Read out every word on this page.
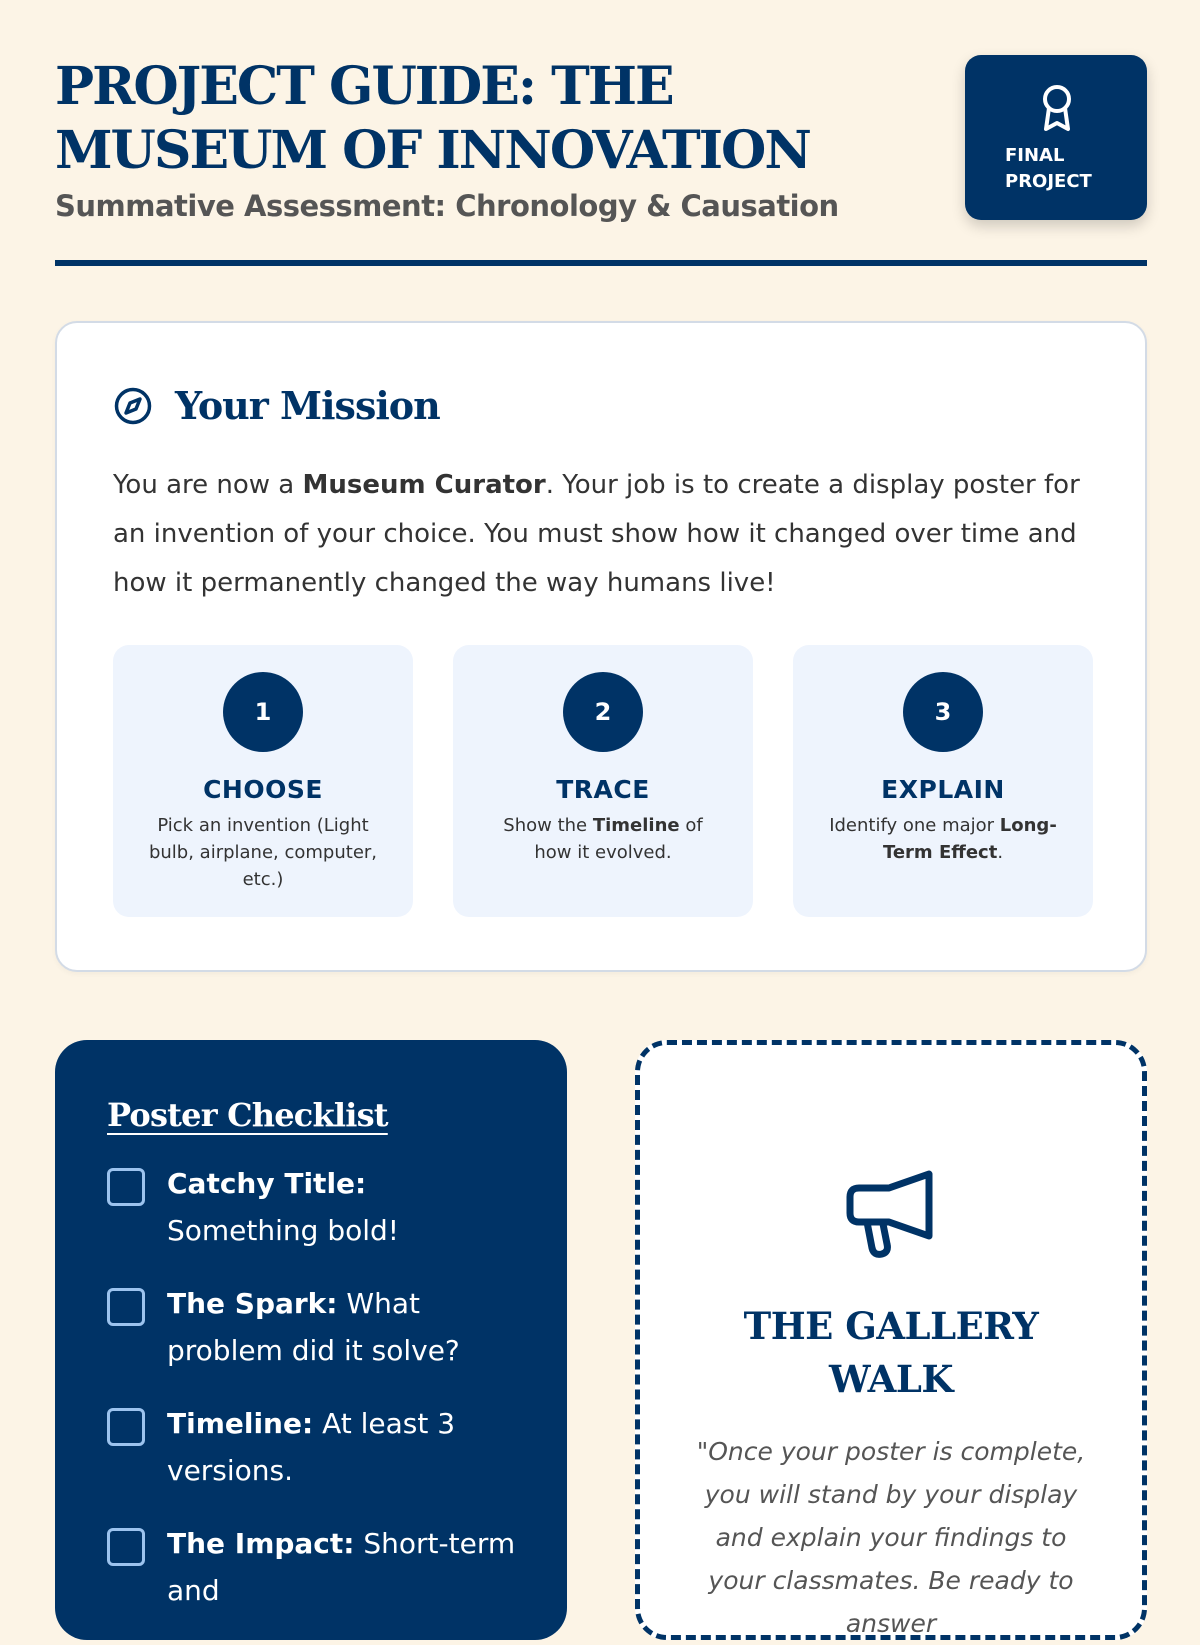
PROJECT GUIDE: THE MUSEUM OF INNOVATION
Summative Assessment: Chronology & Causation
FINAL
PROJECT
Your Mission

You are now a Museum Curator. Your job is to create a display poster for an invention of your choice. You must show how it changed over time and how it permanently changed the way humans live!

1
CHOOSE
Pick an invention (Light bulb, airplane, computer, etc.)
2
TRACE
Show the Timeline of how it evolved.
3
EXPLAIN
Identify one major Long-Term Effect.
Poster Checklist
Catchy Title: Something bold!
The Spark: What problem did it solve?
Timeline: At least 3 versions.
The Impact: Short-term and
THE GALLERY WALK

"Once your poster is complete, you will stand by your display and explain your findings to your classmates. Be ready to answer
